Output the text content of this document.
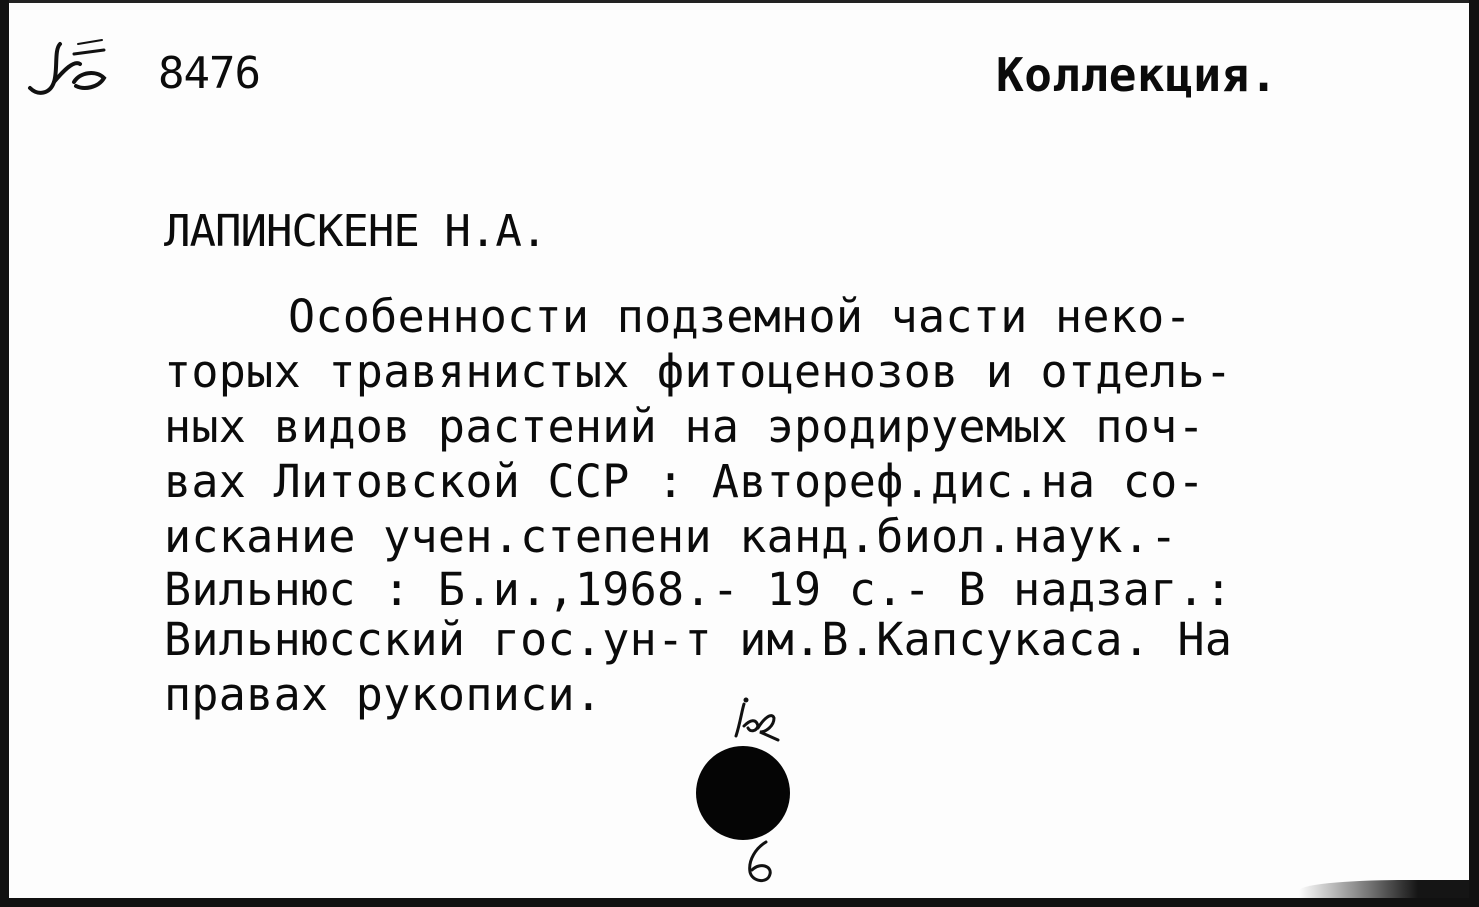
8476	Коллекция.
ЛАПИНСКЕНЕ Н.А.
Особенности подземной части неко-
торых травянистых фитоценозов и отдель-
ных видов растений на эродируемых поч-
вах Литовской ССР : Автореф.дис.на со-
искание учен.степени канд.биол.наук.-
Вильнюс : Б.и.,1968.- 19 с.- В надзаг.:
Вильнюсский гос.ун-т им.В.Капсукаса. На
правах рукописи.
